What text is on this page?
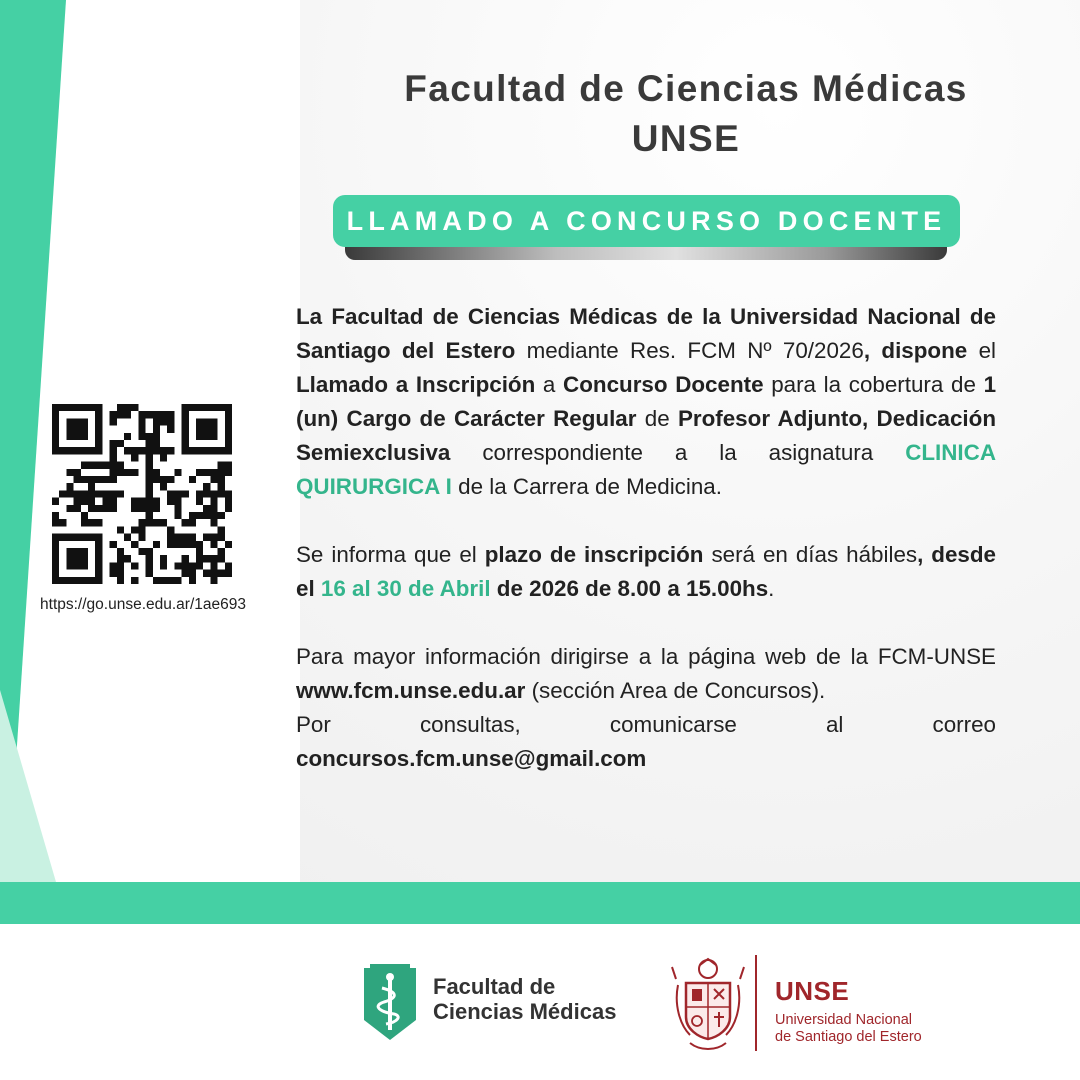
Facultad de Ciencias Médicas
UNSE
LLAMADO A CONCURSO DOCENTE
https://go.unse.edu.ar/1ae693

La Facultad de Ciencias Médicas de la Universidad Nacional de Santiago del Estero mediante Res. FCM Nº 70/2026, dispone el Llamado a Inscripción a Concurso Docente para la cobertura de 1 (un) Cargo de Carácter Regular de Profesor Adjunto, Dedicación Semiexclusiva correspondiente a la asignatura CLINICA QUIRURGICA I de la Carrera de Medicina.

Se informa que el plazo de inscripción será en días hábiles, desde el 16 al 30 de Abril de 2026 de 8.00 a 15.00hs.

Para mayor información dirigirse a la página web de la FCM-UNSE www.fcm.unse.edu.ar (sección Area de Concursos).
Por consultas, comunicarse al correo
concursos.fcm.unse@gmail.com

Facultad de
Ciencias Médicas
UNSE
Universidad Nacional
de Santiago del Estero
